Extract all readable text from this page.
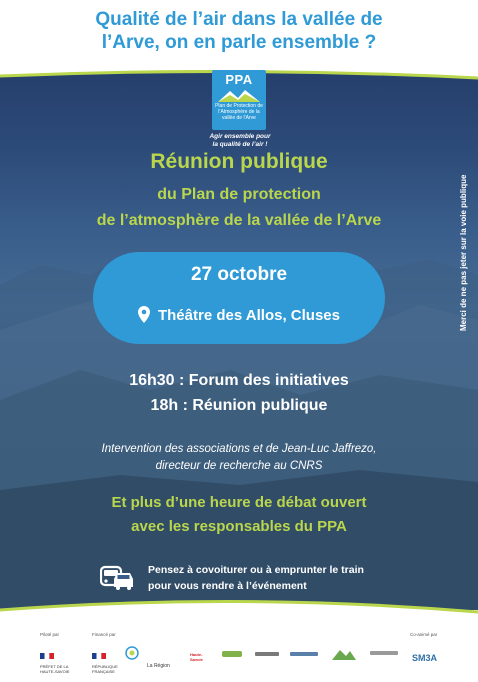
Qualité de l’air dans la vallée de
l’Arve, on en parle ensemble ?
Merci de ne pas jeter sur la voie publique
PPA
Plan de Protection de l’Atmosphère de la vallée de l’Arve
Agir ensemble pour
la qualité de l’air !
Réunion publique
du Plan de protection
de l’atmosphère de la vallée de l’Arve
27 octobre
Théâtre des Allos, Cluses
16h30 : Forum des initiatives
18h : Réunion publique
Intervention des associations et de Jean-Luc Jaffrezo,
directeur de recherche au CNRS
Et plus d’une heure de débat ouvert
avec les responsables du PPA
Pensez à covoiturer ou à emprunter le train
pour vous rendre à l’événement
Piloté par	Financé par	Co-animé par
PRÉFET DE LA HAUTE-SAVOIE
RÉPUBLIQUE FRANÇAISE
La Région
Haute-Savoie	SM3A
